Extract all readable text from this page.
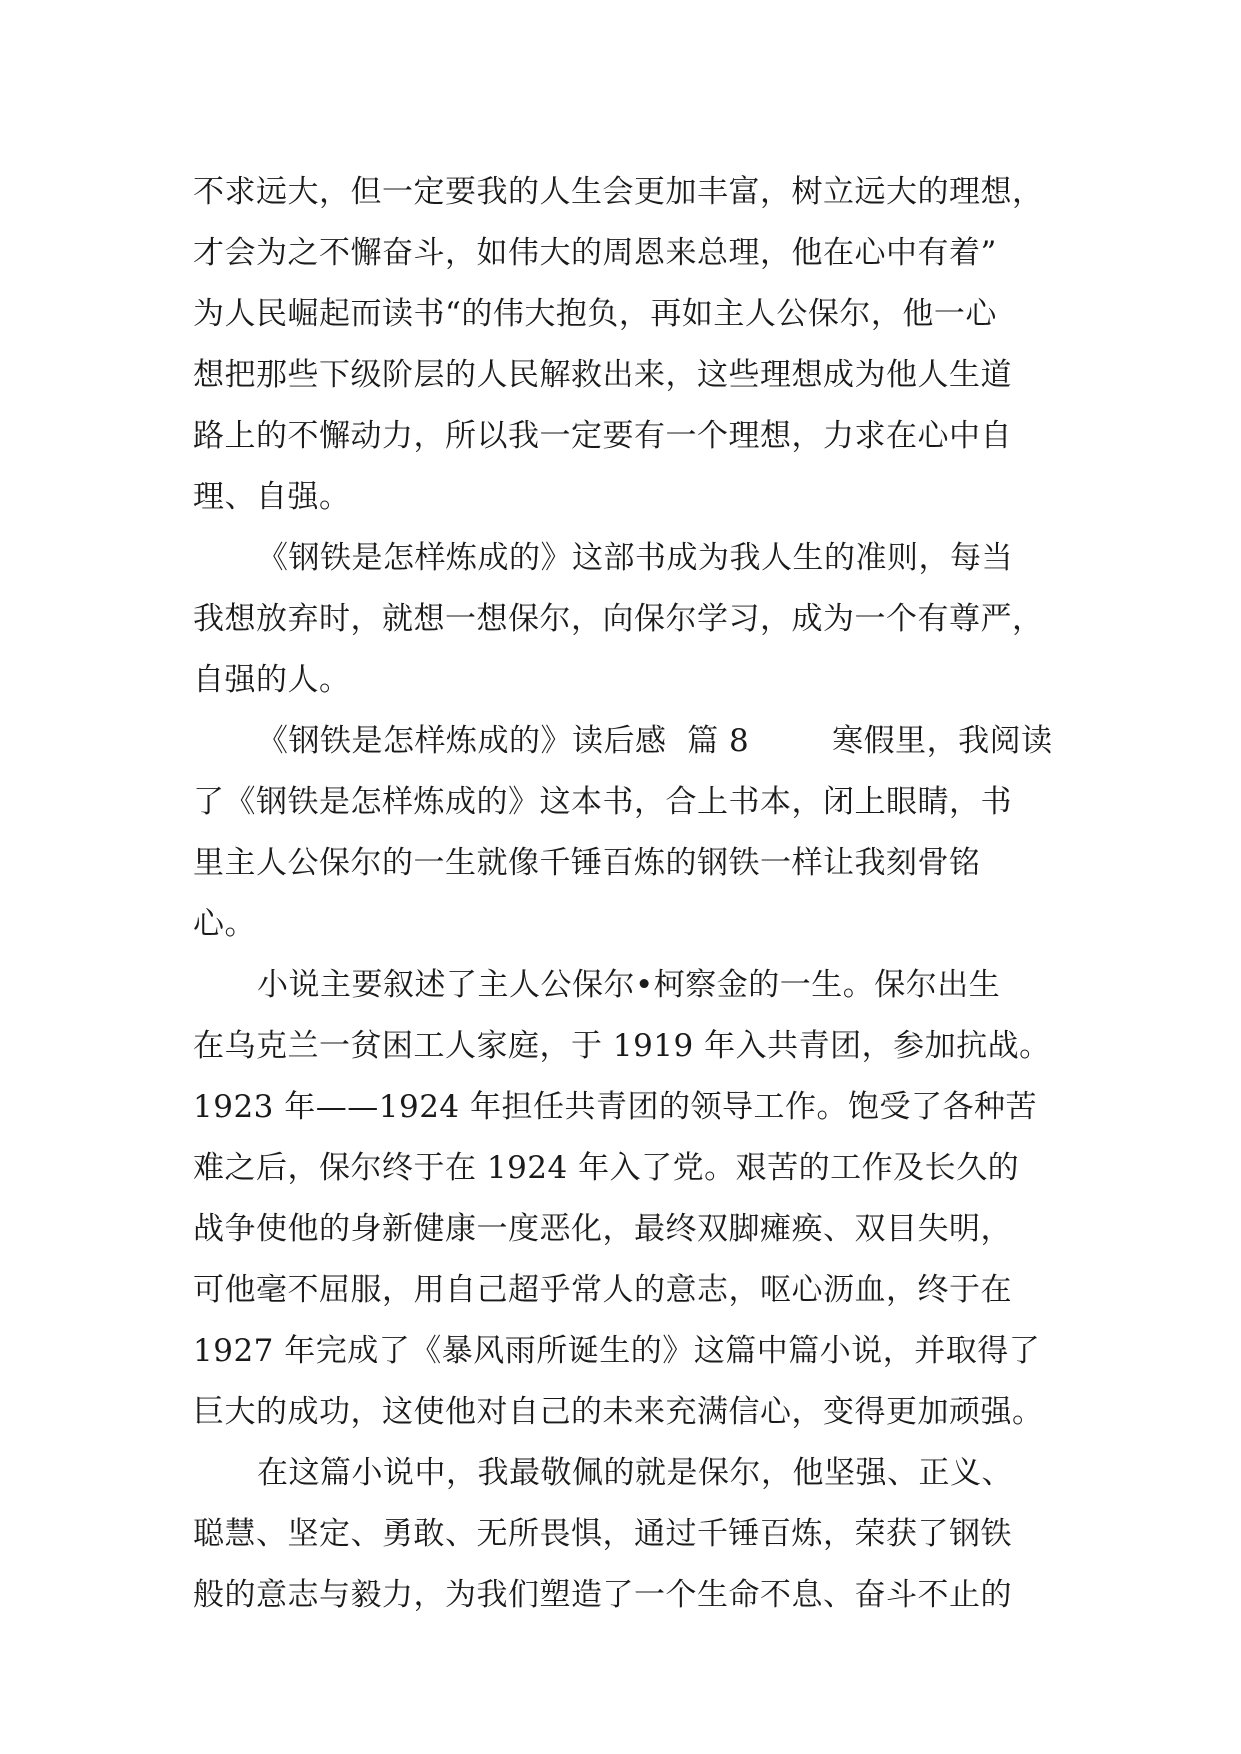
不求远大，但一定要我的人生会更加丰富，树立远大的理想，
才会为之不懈奋斗，如伟大的周恩来总理，他在心中有着”
为人民崛起而读书“的伟大抱负，再如主人公保尔，他一心
想把那些下级阶层的人民解救出来，这些理想成为他人生道
路上的不懈动力，所以我一定要有一个理想，力求在心中自
理、自强。
《钢铁是怎样炼成的》这部书成为我人生的准则，每当
我想放弃时，就想一想保尔，向保尔学习，成为一个有尊严，
自强的人。
《钢铁是怎样炼成的》读后感  篇 8        寒假里，我阅读
了《钢铁是怎样炼成的》这本书，合上书本，闭上眼睛，书
里主人公保尔的一生就像千锤百炼的钢铁一样让我刻骨铭
心。
小说主要叙述了主人公保尔•柯察金的一生。保尔出生
在乌克兰一贫困工人家庭，于 1919 年入共青团，参加抗战。
1923 年——1924 年担任共青团的领导工作。饱受了各种苦
难之后，保尔终于在 1924 年入了党。艰苦的工作及长久的
战争使他的身新健康一度恶化，最终双脚瘫痪、双目失明，
可他毫不屈服，用自己超乎常人的意志，呕心沥血，终于在
1927 年完成了《暴风雨所诞生的》这篇中篇小说，并取得了
巨大的成功，这使他对自己的未来充满信心，变得更加顽强。
在这篇小说中，我最敬佩的就是保尔，他坚强、正义、
聪慧、坚定、勇敢、无所畏惧，通过千锤百炼，荣获了钢铁
般的意志与毅力，为我们塑造了一个生命不息、奋斗不止的
